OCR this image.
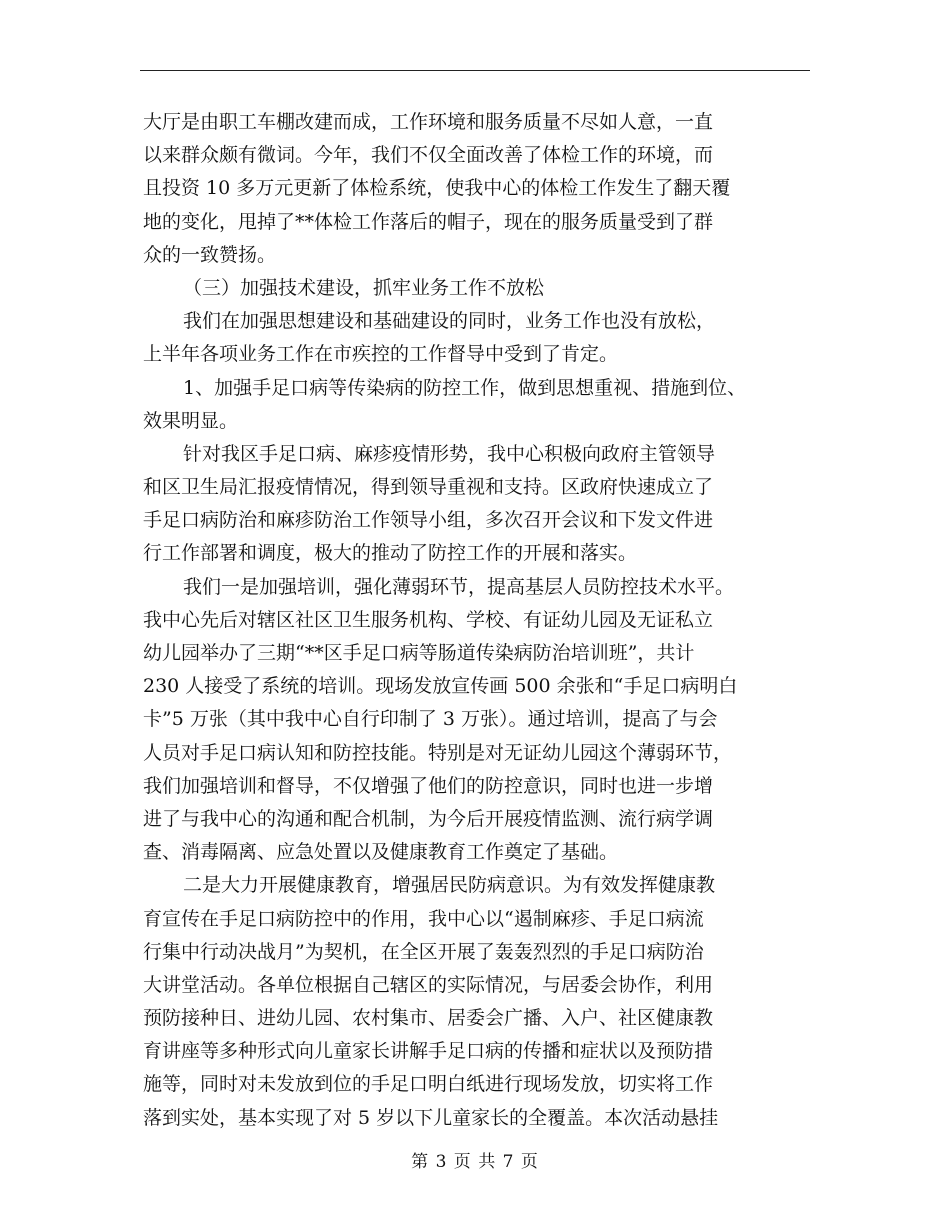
大厅是由职工车棚改建而成，工作环境和服务质量不尽如人意，一直
以来群众颇有微词。今年，我们不仅全面改善了体检工作的环境，而
且投资 10 多万元更新了体检系统，使我中心的体检工作发生了翻天覆
地的变化，甩掉了**体检工作落后的帽子，现在的服务质量受到了群
众的一致赞扬。
（三）加强技术建设，抓牢业务工作不放松
我们在加强思想建设和基础建设的同时，业务工作也没有放松，
上半年各项业务工作在市疾控的工作督导中受到了肯定。
1、加强手足口病等传染病的防控工作，做到思想重视、措施到位、
效果明显。
针对我区手足口病、麻疹疫情形势，我中心积极向政府主管领导
和区卫生局汇报疫情情况，得到领导重视和支持。区政府快速成立了
手足口病防治和麻疹防治工作领导小组，多次召开会议和下发文件进
行工作部署和调度，极大的推动了防控工作的开展和落实。
我们一是加强培训，强化薄弱环节，提高基层人员防控技术水平。
我中心先后对辖区社区卫生服务机构、学校、有证幼儿园及无证私立
幼儿园举办了三期“**区手足口病等肠道传染病防治培训班”，共计
230 人接受了系统的培训。现场发放宣传画 500 余张和“手足口病明白
卡”5 万张（其中我中心自行印制了 3 万张）。通过培训，提高了与会
人员对手足口病认知和防控技能。特别是对无证幼儿园这个薄弱环节，
我们加强培训和督导，不仅增强了他们的防控意识，同时也进一步增
进了与我中心的沟通和配合机制，为今后开展疫情监测、流行病学调
查、消毒隔离、应急处置以及健康教育工作奠定了基础。
二是大力开展健康教育，增强居民防病意识。为有效发挥健康教
育宣传在手足口病防控中的作用，我中心以“遏制麻疹、手足口病流
行集中行动决战月”为契机，在全区开展了轰轰烈烈的手足口病防治
大讲堂活动。各单位根据自己辖区的实际情况，与居委会协作，利用
预防接种日、进幼儿园、农村集市、居委会广播、入户、社区健康教
育讲座等多种形式向儿童家长讲解手足口病的传播和症状以及预防措
施等，同时对未发放到位的手足口明白纸进行现场发放，切实将工作
落到实处，基本实现了对 5 岁以下儿童家长的全覆盖。本次活动悬挂
第 3 页 共 7 页
